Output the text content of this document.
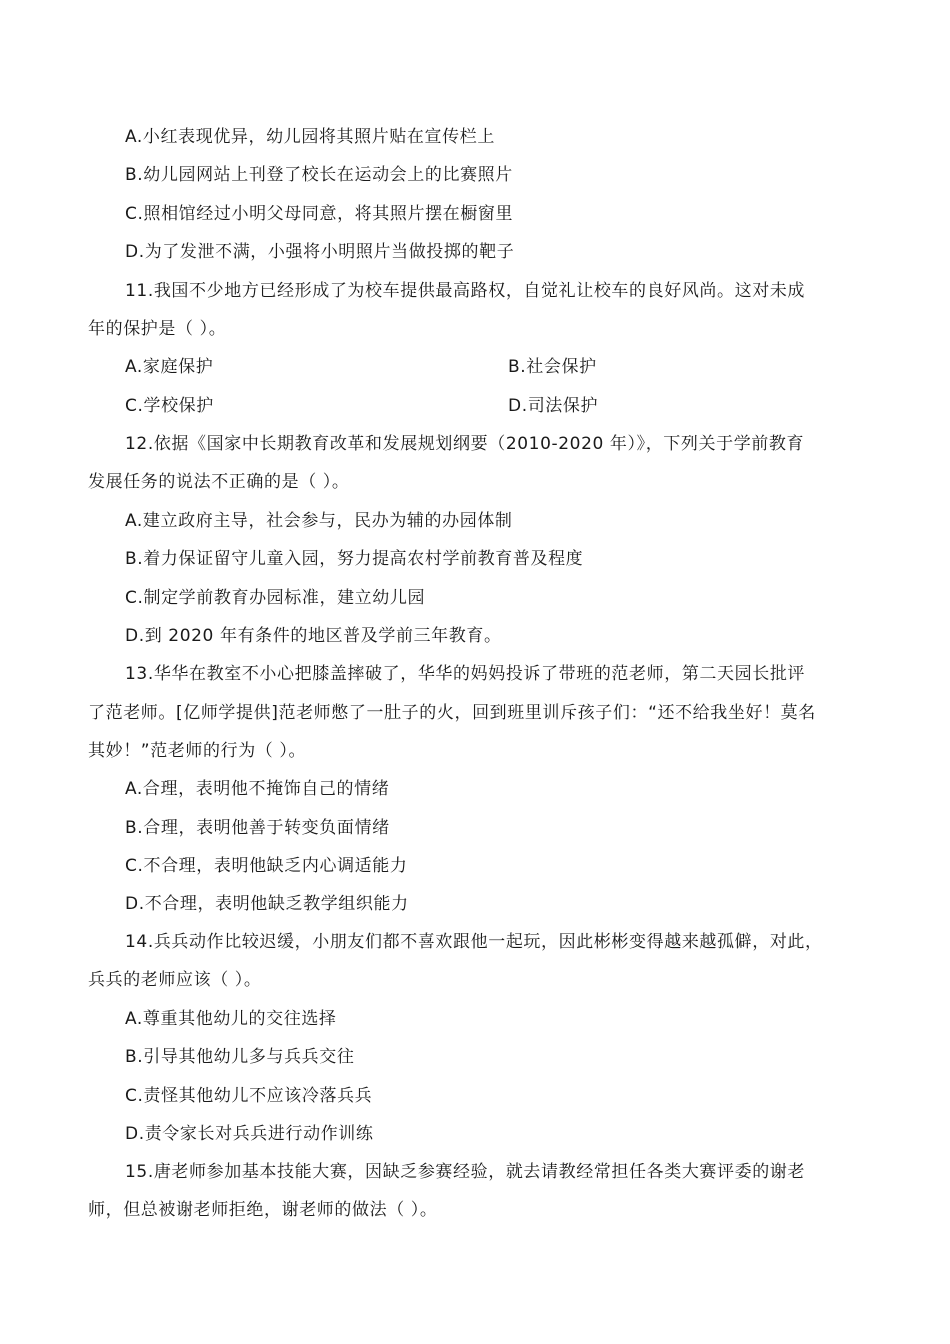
A.小红表现优异，幼儿园将其照片贴在宣传栏上
B.幼儿园网站上刊登了校长在运动会上的比赛照片
C.照相馆经过小明父母同意，将其照片摆在橱窗里
D.为了发泄不满，小强将小明照片当做投掷的靶子
11.我国不少地方已经形成了为校车提供最高路权，自觉礼让校车的良好风尚。这对未成
年的保护是（ ）。
A.家庭保护	B.社会保护
C.学校保护	D.司法保护
12.依据《国家中长期教育改革和发展规划纲要（2010-2020 年）》，下列关于学前教育
发展任务的说法不正确的是（ ）。
A.建立政府主导，社会参与，民办为辅的办园体制
B.着力保证留守儿童入园，努力提高农村学前教育普及程度
C.制定学前教育办园标准，建立幼儿园
D.到 2020 年有条件的地区普及学前三年教育。
13.华华在教室不小心把膝盖摔破了，华华的妈妈投诉了带班的范老师，第二天园长批评
了范老师。[亿师学提供]范老师憋了一肚子的火，回到班里训斥孩子们：“还不给我坐好！莫名
其妙！”范老师的行为（ ）。
A.合理，表明他不掩饰自己的情绪
B.合理，表明他善于转变负面情绪
C.不合理，表明他缺乏内心调适能力
D.不合理，表明他缺乏教学组织能力
14.兵兵动作比较迟缓，小朋友们都不喜欢跟他一起玩，因此彬彬变得越来越孤僻，对此，
兵兵的老师应该（ ）。
A.尊重其他幼儿的交往选择
B.引导其他幼儿多与兵兵交往
C.责怪其他幼儿不应该冷落兵兵
D.责令家长对兵兵进行动作训练
15.唐老师参加基本技能大赛，因缺乏参赛经验，就去请教经常担任各类大赛评委的谢老
师，但总被谢老师拒绝，谢老师的做法（ ）。
